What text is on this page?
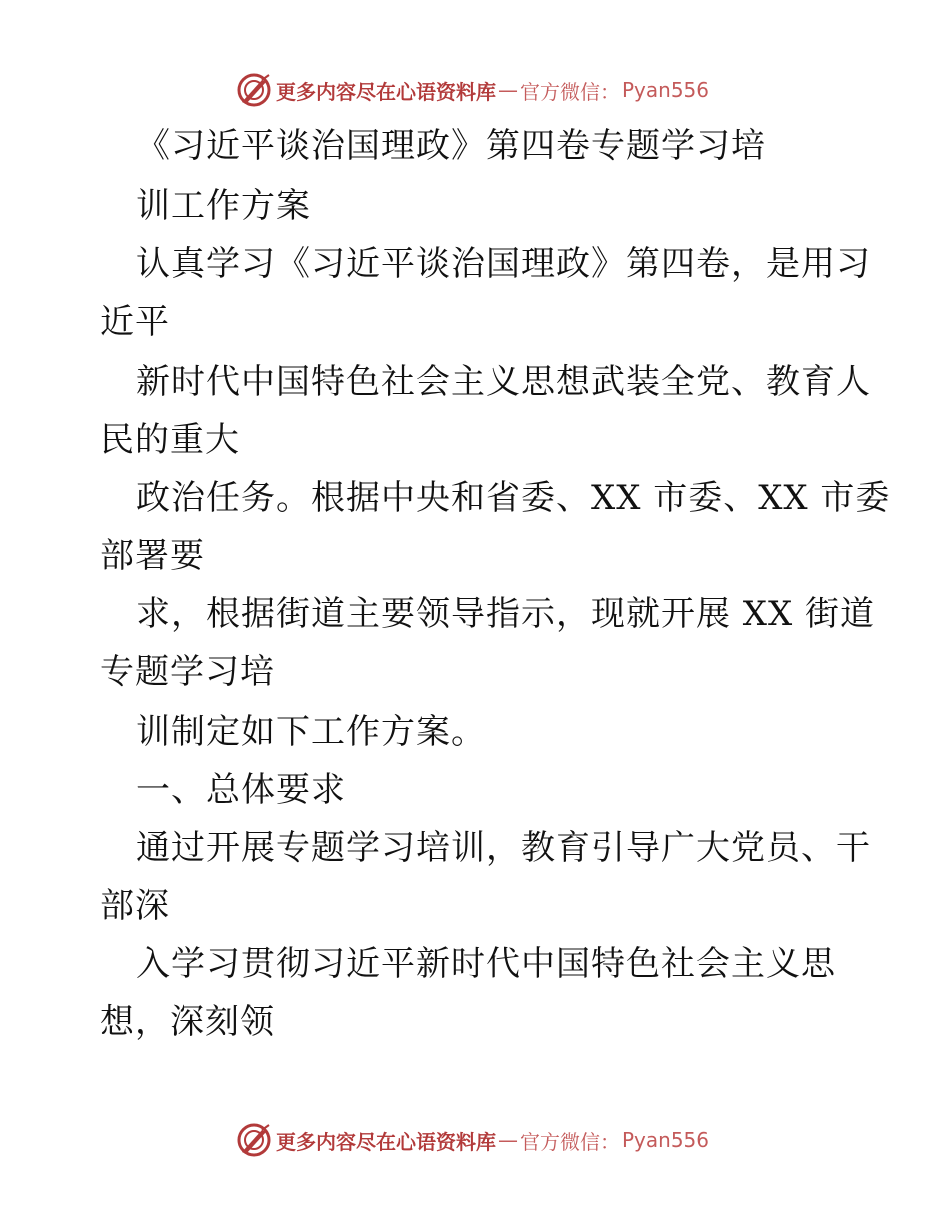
更多内容尽在心语资料库 — 官方微信： Pyan556
《习近平谈治国理政》第四卷专题学习培
训工作方案
认真学习《习近平谈治国理政》第四卷，是用习
近平
新时代中国特色社会主义思想武装全党、教育人
民的重大
政治任务。根据中央和省委、XX 市委、XX 市委
部署要
求，根据街道主要领导指示，现就开展 XX 街道
专题学习培
训制定如下工作方案。
一、总体要求
通过开展专题学习培训，教育引导广大党员、干
部深
入学习贯彻习近平新时代中国特色社会主义思
想，深刻领
更多内容尽在心语资料库 — 官方微信： Pyan556
